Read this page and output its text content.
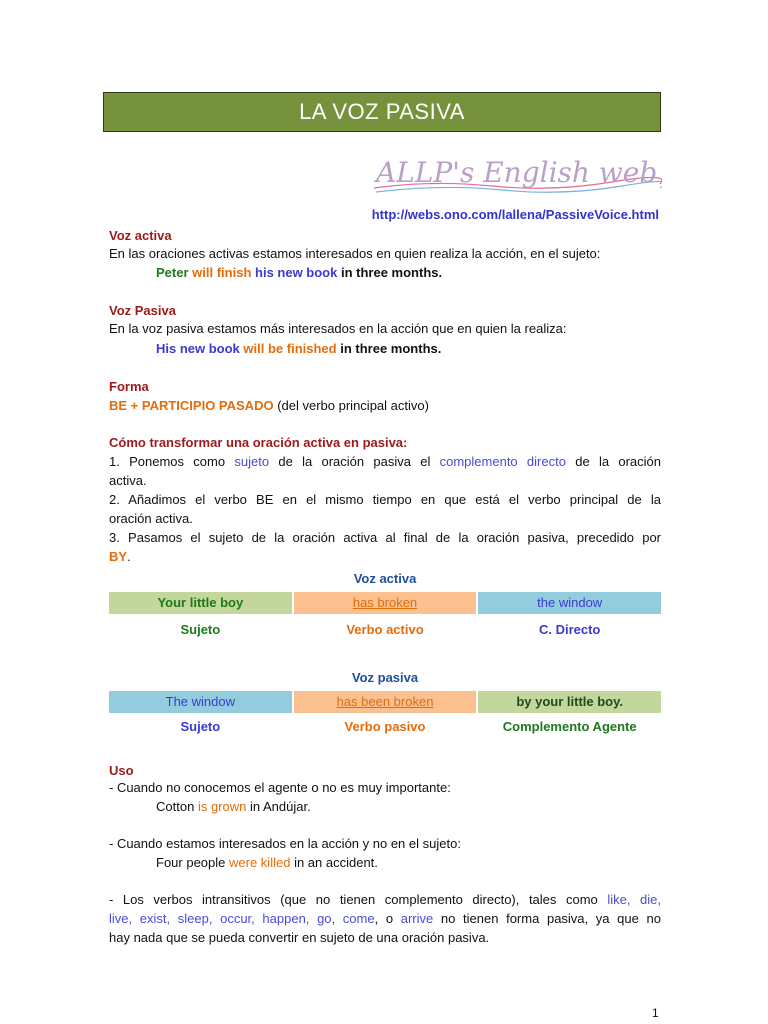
LA VOZ PASIVA
ALLP's English web
http://webs.ono.com/lallena/PassiveVoice.html
Voz activa
En las oraciones activas estamos interesados en quien realiza la acción, en el sujeto:
Peter will finish his new book in three months.
Voz Pasiva
En la voz pasiva estamos más interesados en la acción que en quien la realiza:
His new book will be finished in three months.
Forma
BE + PARTICIPIO PASADO (del verbo principal activo)
Cómo transformar una oración activa en pasiva:
1. Ponemos como sujeto de la oración pasiva el complemento directo de la oración
activa.
2. Añadimos el verbo BE en el mismo tiempo en que está el verbo principal de la
oración activa.
3. Pasamos el sujeto de la oración activa al final de la oración pasiva, precedido por
BY.
Voz activa
Your little boy	has broken	the window
Sujeto	Verbo activo	C. Directo
Voz pasiva
The window	has been broken	by your little boy.
Sujeto	Verbo pasivo	Complemento Agente
Uso
- Cuando no conocemos el agente o no es muy importante:
Cotton is grown in Andújar.
- Cuando estamos interesados en la acción y no en el sujeto:
Four people were killed in an accident.
- Los verbos intransitivos (que no tienen complemento directo), tales como like, die,
live, exist, sleep, occur, happen, go, come, o arrive no tienen forma pasiva, ya que no
hay nada que se pueda convertir en sujeto de una oración pasiva.
1
